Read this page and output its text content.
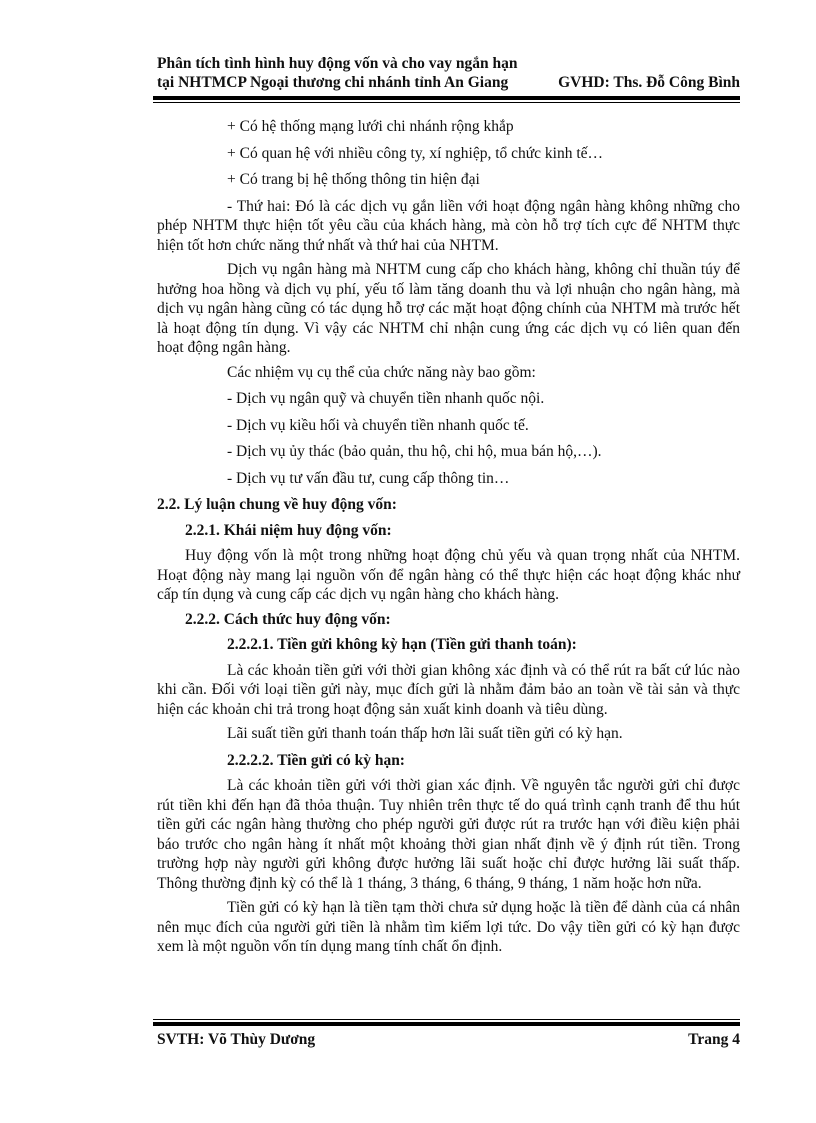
Phân tích tình hình huy động vốn và cho vay ngắn hạn
tại NHTMCP Ngoại thương chi nhánh tỉnh An Giang	GVHD: Ths. Đỗ Công Bình
+ Có hệ thống mạng lưới chi nhánh rộng khắp
+ Có quan hệ với nhiều công ty, xí nghiệp, tổ chức kinh tế…
+ Có trang bị hệ thống thông tin hiện đại

- Thứ hai: Đó là các dịch vụ gắn liền với hoạt động ngân hàng không những cho phép NHTM thực hiện tốt yêu cầu của khách hàng, mà còn hỗ trợ tích cực để NHTM thực hiện tốt hơn chức năng thứ nhất và thứ hai của NHTM.

Dịch vụ ngân hàng mà NHTM cung cấp cho khách hàng, không chỉ thuần túy để hưởng hoa hồng và dịch vụ phí, yếu tố làm tăng doanh thu và lợi nhuận cho ngân hàng, mà dịch vụ ngân hàng cũng có tác dụng hỗ trợ các mặt hoạt động chính của NHTM mà trước hết là hoạt động tín dụng. Vì vậy các NHTM chỉ nhận cung ứng các dịch vụ có liên quan đến hoạt động ngân hàng.

Các nhiệm vụ cụ thể của chức năng này bao gồm:
- Dịch vụ ngân quỹ và chuyển tiền nhanh quốc nội.
- Dịch vụ kiều hối và chuyển tiền nhanh quốc tế.
- Dịch vụ ủy thác (bảo quản, thu hộ, chi hộ, mua bán hộ,…).
- Dịch vụ tư vấn đầu tư, cung cấp thông tin…
2.2. Lý luận chung về huy động vốn:
2.2.1. Khái niệm huy động vốn:

Huy động vốn là một trong những hoạt động chủ yếu và quan trọng nhất của NHTM. Hoạt động này mang lại nguồn vốn để ngân hàng có thể thực hiện các hoạt động khác như cấp tín dụng và cung cấp các dịch vụ ngân hàng cho khách hàng.

2.2.2. Cách thức huy động vốn:
2.2.2.1. Tiền gửi không kỳ hạn (Tiền gửi thanh toán):

Là các khoản tiền gửi với thời gian không xác định và có thể rút ra bất cứ lúc nào khi cần. Đối với loại tiền gửi này, mục đích gửi là nhằm đảm bảo an toàn về tài sản và thực hiện các khoản chi trả trong hoạt động sản xuất kinh doanh và tiêu dùng.

Lãi suất tiền gửi thanh toán thấp hơn lãi suất tiền gửi có kỳ hạn.
2.2.2.2. Tiền gửi có kỳ hạn:

Là các khoản tiền gửi với thời gian xác định. Về nguyên tắc người gửi chỉ được rút tiền khi đến hạn đã thỏa thuận. Tuy nhiên trên thực tế do quá trình cạnh tranh để thu hút tiền gửi các ngân hàng thường cho phép người gửi được rút ra trước hạn với điều kiện phải báo trước cho ngân hàng ít nhất một khoảng thời gian nhất định về ý định rút tiền. Trong trường hợp này người gửi không được hưởng lãi suất hoặc chỉ được hưởng lãi suất thấp. Thông thường định kỳ có thể là 1 tháng, 3 tháng, 6 tháng, 9 tháng, 1 năm hoặc hơn nữa.

Tiền gửi có kỳ hạn là tiền tạm thời chưa sử dụng hoặc là tiền để dành của cá nhân nên mục đích của người gửi tiền là nhằm tìm kiếm lợi tức. Do vậy tiền gửi có kỳ hạn được xem là một nguồn vốn tín dụng mang tính chất ổn định.

SVTH: Võ Thùy Dương	Trang 4
